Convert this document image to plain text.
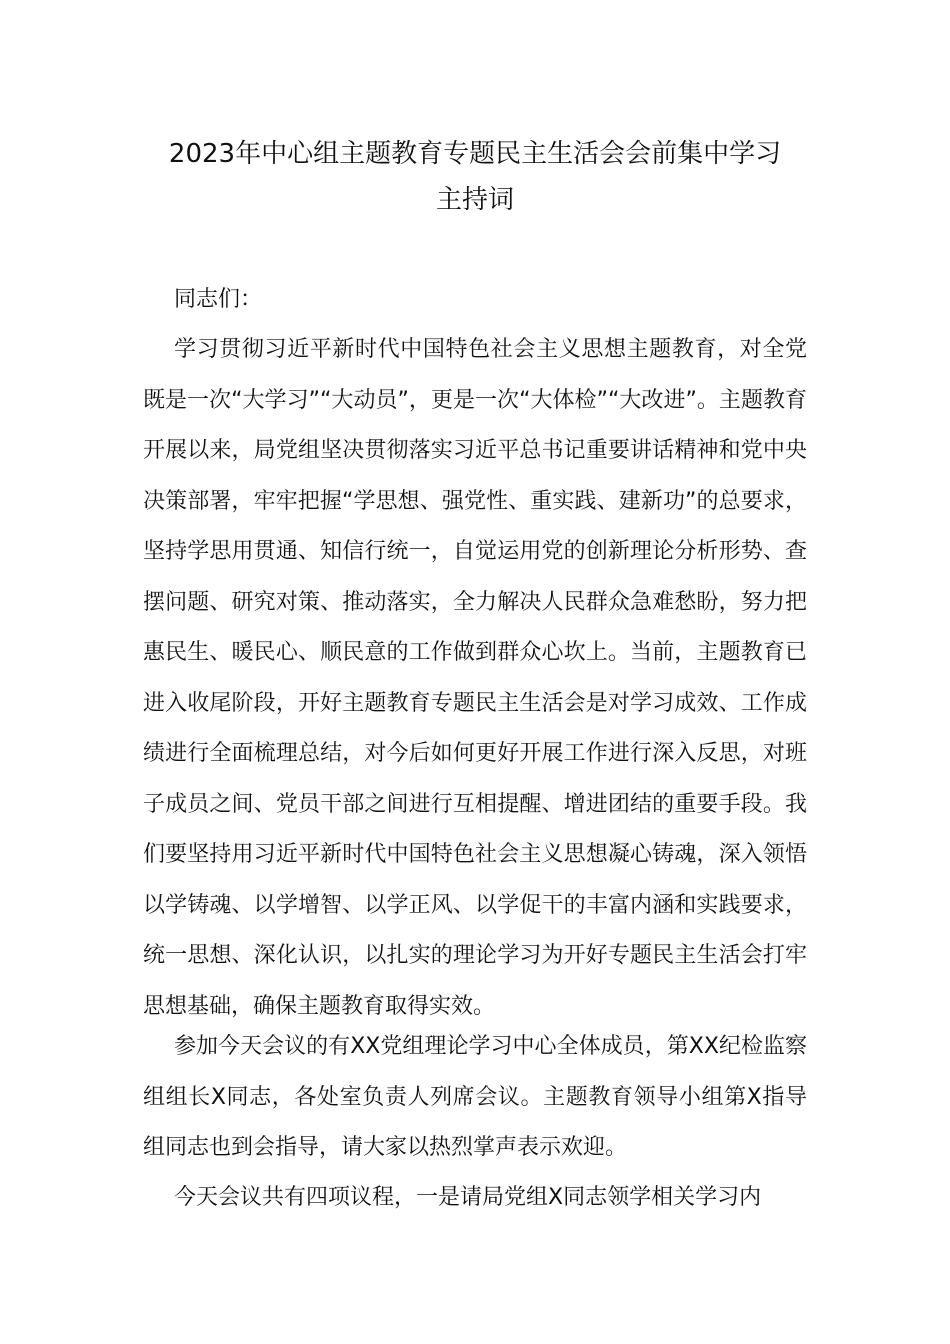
2023年中心组主题教育专题民主生活会会前集中学习
主持词

同志们：

学习贯彻习近平新时代中国特色社会主义思想主题教育，对全党既是一次“大学习”“大动员”，更是一次“大体检”“大改进”。主题教育开展以来，局党组坚决贯彻落实习近平总书记重要讲话精神和党中央决策部署，牢牢把握“学思想、强党性、重实践、建新功”的总要求，坚持学思用贯通、知信行统一，自觉运用党的创新理论分析形势、查摆问题、研究对策、推动落实，全力解决人民群众急难愁盼，努力把惠民生、暖民心、顺民意的工作做到群众心坎上。当前，主题教育已进入收尾阶段，开好主题教育专题民主生活会是对学习成效、工作成绩进行全面梳理总结，对今后如何更好开展工作进行深入反思，对班子成员之间、党员干部之间进行互相提醒、增进团结的重要手段。我们要坚持用习近平新时代中国特色社会主义思想凝心铸魂，深入领悟以学铸魂、以学增智、以学正风、以学促干的丰富内涵和实践要求，统一思想、深化认识，以扎实的理论学习为开好专题民主生活会打牢思想基础，确保主题教育取得实效。

参加今天会议的有XX党组理论学习中心全体成员，第XX纪检监察组组长X同志，各处室负责人列席会议。主题教育领导小组第X指导组同志也到会指导，请大家以热烈掌声表示欢迎。

今天会议共有四项议程，一是请局党组X同志领学相关学习内
